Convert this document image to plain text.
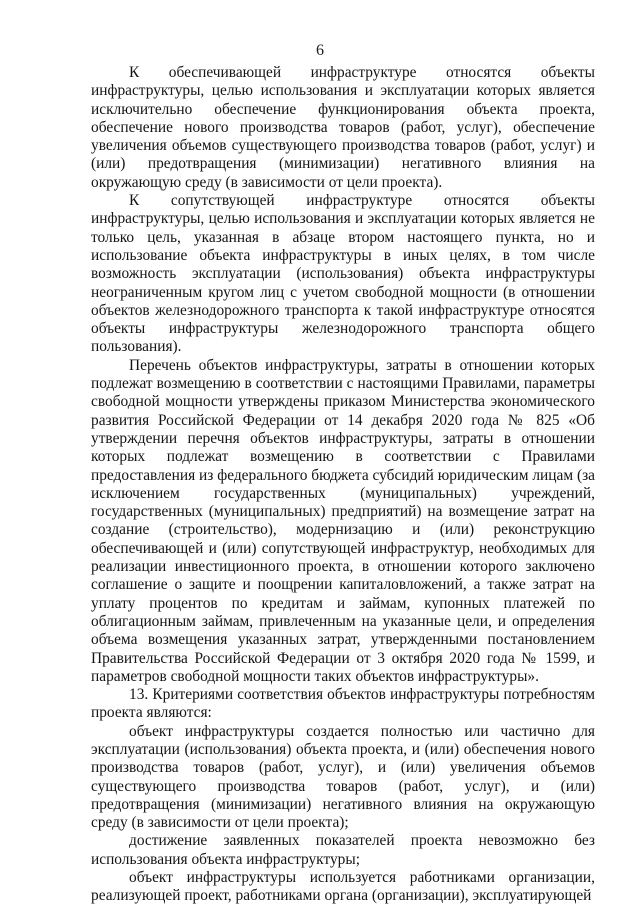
6

К обеспечивающей инфраструктуре относятся объекты инфраструктуры, целью использования и эксплуатации которых является исключительно обеспечение функционирования объекта проекта, обеспечение нового производства товаров (работ, услуг), обеспечение увеличения объемов существующего производства товаров (работ, услуг) и (или) предотвращения (минимизации) негативного влияния на окружающую среду (в зависимости от цели проекта).

К сопутствующей инфраструктуре относятся объекты инфраструктуры, целью использования и эксплуатации которых является не только цель, указанная в абзаце втором настоящего пункта, но и использование объекта инфраструктуры в иных целях, в том числе возможность эксплуатации (использования) объекта инфраструктуры неограниченным кругом лиц с учетом свободной мощности (в отношении объектов железнодорожного транспорта к такой инфраструктуре относятся объекты инфраструктуры железнодорожного транспорта общего пользования).

Перечень объектов инфраструктуры, затраты в отношении которых подлежат возмещению в соответствии с настоящими Правилами, параметры свободной мощности утверждены приказом Министерства экономического развития Российской Федерации от 14 декабря 2020 года № 825 «Об утверждении перечня объектов инфраструктуры, затраты в отношении которых подлежат возмещению в соответствии с Правилами предоставления из федерального бюджета субсидий юридическим лицам (за исключением государственных (муниципальных) учреждений, государственных (муниципальных) предприятий) на возмещение затрат на создание (строительство), модернизацию и (или) реконструкцию обеспечивающей и (или) сопутствующей инфраструктур, необходимых для реализации инвестиционного проекта, в отношении которого заключено соглашение о защите и поощрении капиталовложений, а также затрат на уплату процентов по кредитам и займам, купонных платежей по облигационным займам, привлеченным на указанные цели, и определения объема возмещения указанных затрат, утвержденными постановлением Правительства Российской Федерации от 3 октября 2020 года № 1599, и параметров свободной мощности таких объектов инфраструктуры».

13. Критериями соответствия объектов инфраструктуры потребностям проекта являются:

объект инфраструктуры создается полностью или частично для эксплуатации (использования) объекта проекта, и (или) обеспечения нового производства товаров (работ, услуг), и (или) увеличения объемов существующего производства товаров (работ, услуг), и (или) предотвращения (минимизации) негативного влияния на окружающую среду (в зависимости от цели проекта);

достижение заявленных показателей проекта невозможно без использования объекта инфраструктуры;

объект инфраструктуры используется работниками организации, реализующей проект, работниками органа (организации), эксплуатирующей
